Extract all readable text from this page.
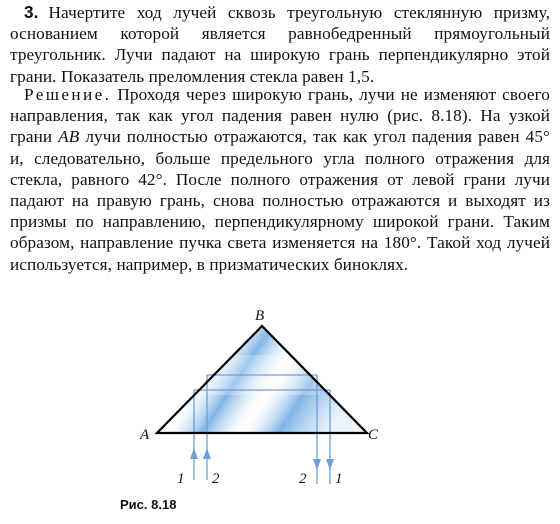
3. Начертите ход лучей сквозь треугольную стеклянную призму, основанием которой является равнобедренный прямоугольный треугольник. Лучи падают на широкую грань перпендикулярно этой грани. Показатель преломления стекла равен 1,5.
Решение. Проходя через широкую грань, лучи не изменяют своего направления, так как угол падения равен нулю (рис. 8.18). На узкой грани AB лучи полностью отражаются, так как угол падения равен 45° и, следовательно, больше предельного угла полного отражения для стекла, равного 42°. После полного отражения от левой грани лучи падают на правую грань, снова полностью отражаются и выходят из призмы по направлению, перпендикулярному широкой грани. Таким образом, направление пучка света изменяется на 180°. Такой ход лучей используется, например, в призматических биноклях.
A
B
C
1 2	2 1
Рис. 8.18
